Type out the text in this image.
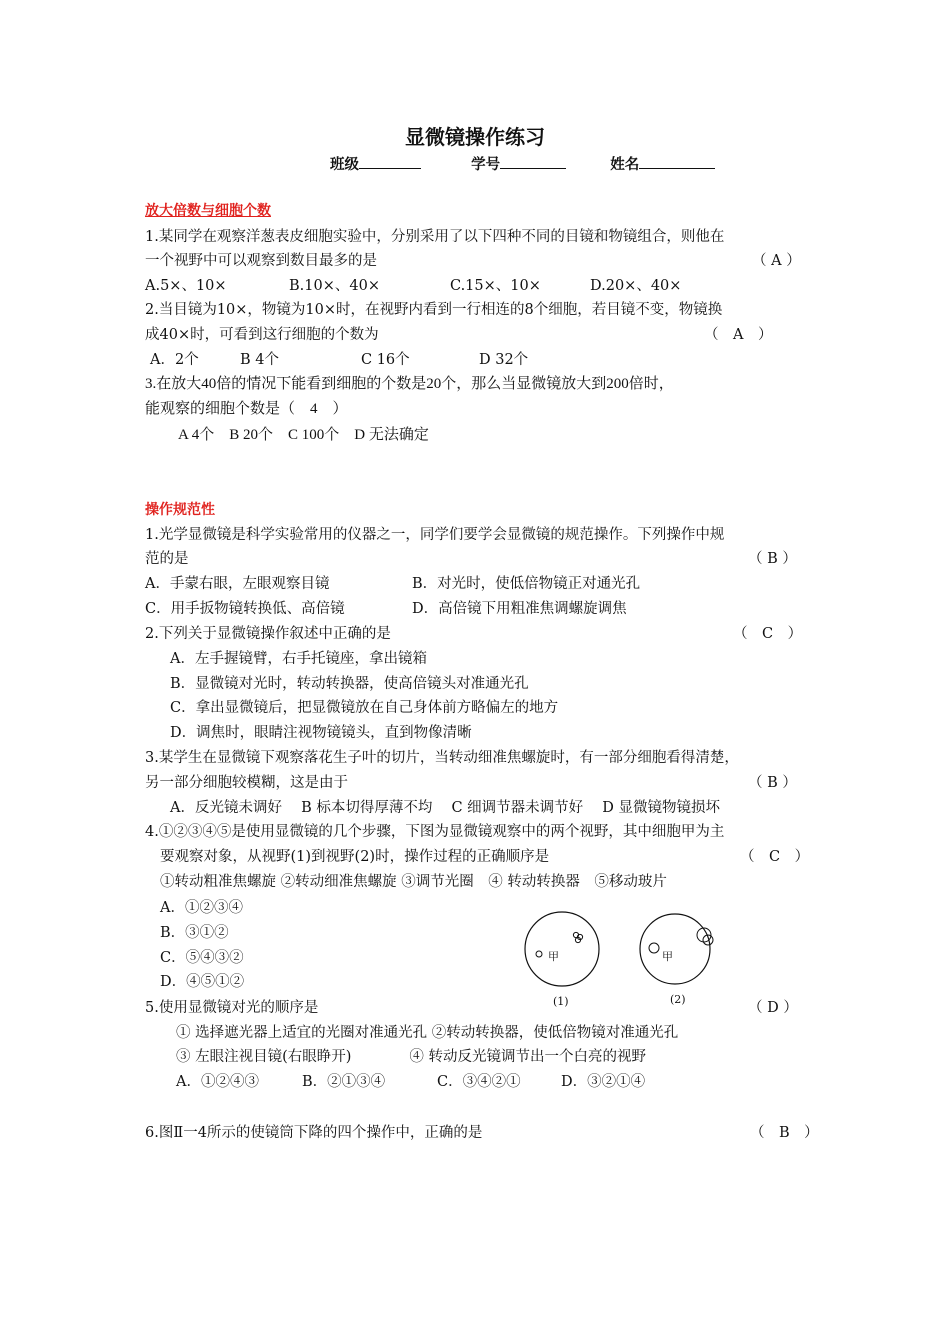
显微镜操作练习
班级	学号	姓名
放大倍数与细胞个数
1.某同学在观察洋葱表皮细胞实验中，分别采用了以下四种不同的目镜和物镜组合，则他在
一个视野中可以观察到数目最多的是	（ A ）
A.5×、10×	B.10×、40×	C.15×、10×	D.20×、40×
2.当目镜为10×，物镜为10×时，在视野内看到一行相连的8个细胞，若目镜不变，物镜换
成40×时，可看到这行细胞的个数为	（　A　）
A．2个	B 4个	C 16个	D 32个
3.在放大40倍的情况下能看到细胞的个数是20个，那么当显微镜放大到200倍时，
能观察的细胞个数是（　4　）
A 4个　B 20个　C 100个　D 无法确定
操作规范性
1.光学显微镜是科学实验常用的仪器之一，同学们要学会显微镜的规范操作。下列操作中规
范的是	（ B ）
A．手蒙右眼，左眼观察目镜	B．对光时，使低倍物镜正对通光孔
C．用手扳物镜转换低、高倍镜	D．高倍镜下用粗准焦调螺旋调焦
2.下列关于显微镜操作叙述中正确的是	（　C　）
A．左手握镜臂，右手托镜座，拿出镜箱
B．显微镜对光时，转动转换器，使高倍镜头对准通光孔
C．拿出显微镜后，把显微镜放在自己身体前方略偏左的地方
D．调焦时，眼睛注视物镜镜头，直到物像清晰
3.某学生在显微镜下观察落花生子叶的切片，当转动细准焦螺旋时，有一部分细胞看得清楚，
另一部分细胞较模糊，这是由于	（ B ）
A．反光镜未调好　 B 标本切得厚薄不均　 C 细调节器未调节好　 D 显微镜物镜损坏
4.①②③④⑤是使用显微镜的几个步骤，下图为显微镜观察中的两个视野，其中细胞甲为主
要观察对象，从视野(1)到视野(2)时，操作过程的正确顺序是	（　C　）
①转动粗准焦螺旋 ②转动细准焦螺旋 ③调节光圈　④ 转动转换器　⑤移动玻片
A．①②③④
B．③①②
C．⑤④③②
D．④⑤①②
甲
(1)
甲
(2)
5.使用显微镜对光的顺序是	（ D ）
① 选择遮光器上适宜的光圈对准通光孔 ②转动转换器，使低倍物镜对准通光孔
③ 左眼注视目镜(右眼睁开)　　　　④ 转动反光镜调节出一个白亮的视野
A．①②④③	B．②①③④	C．③④②①	D．③②①④
6.图Ⅱ一4所示的使镜筒下降的四个操作中，正确的是	（　B　）
